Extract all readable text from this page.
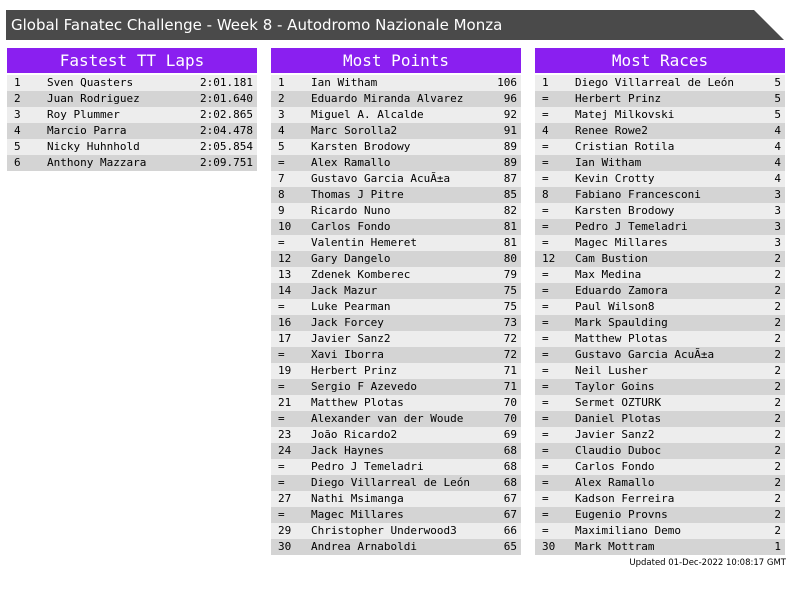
Global Fanatec Challenge - Week 8 - Autodromo Nazionale Monza
Fastest TT Laps
1 Sven Quasters	2:01.181
2 Juan Rodriguez	2:01.640
3 Roy Plummer	2:02.865
4 Marcio Parra	2:04.478
5 Nicky Huhnhold	2:05.854
6 Anthony Mazzara	2:09.751
Most Points
1 Ian Witham	106
2 Eduardo Miranda Alvarez	96
3 Miguel A. Alcalde	92
4 Marc Sorolla2	91
5 Karsten Brodowy	89
= Alex Ramallo	89
7 Gustavo Garcia AcuÃ±a	87
8 Thomas J Pitre	85
9 Ricardo Nuno	82
10 Carlos Fondo	81
= Valentin Hemeret	81
12 Gary Dangelo	80
13 Zdenek Komberec	79
14 Jack Mazur	75
= Luke Pearman	75
16 Jack Forcey	73
17 Javier Sanz2	72
= Xavi Iborra	72
19 Herbert Prinz	71
= Sergio F Azevedo	71
21 Matthew Plotas	70
= Alexander van der Woude	70
23 João Ricardo2	69
24 Jack Haynes	68
= Pedro J Temeladri	68
= Diego Villarreal de León	68
27 Nathi Msimanga	67
= Magec Millares	67
29 Christopher Underwood3	66
30 Andrea Arnaboldi	65
Most Races
1 Diego Villarreal de León	5
= Herbert Prinz	5
= Matej Milkovski	5
4 Renee Rowe2	4
= Cristian Rotila	4
= Ian Witham	4
= Kevin Crotty	4
8 Fabiano Francesconi	3
= Karsten Brodowy	3
= Pedro J Temeladri	3
= Magec Millares	3
12 Cam Bustion	2
= Max Medina	2
= Eduardo Zamora	2
= Paul Wilson8	2
= Mark Spaulding	2
= Matthew Plotas	2
= Gustavo Garcia AcuÃ±a	2
= Neil Lusher	2
= Taylor Goins	2
= Sermet OZTURK	2
= Daniel Plotas	2
= Javier Sanz2	2
= Claudio Duboc	2
= Carlos Fondo	2
= Alex Ramallo	2
= Kadson Ferreira	2
= Eugenio Provns	2
= Maximiliano Demo	2
30 Mark Mottram	1
Updated 01-Dec-2022 10:08:17 GMT
